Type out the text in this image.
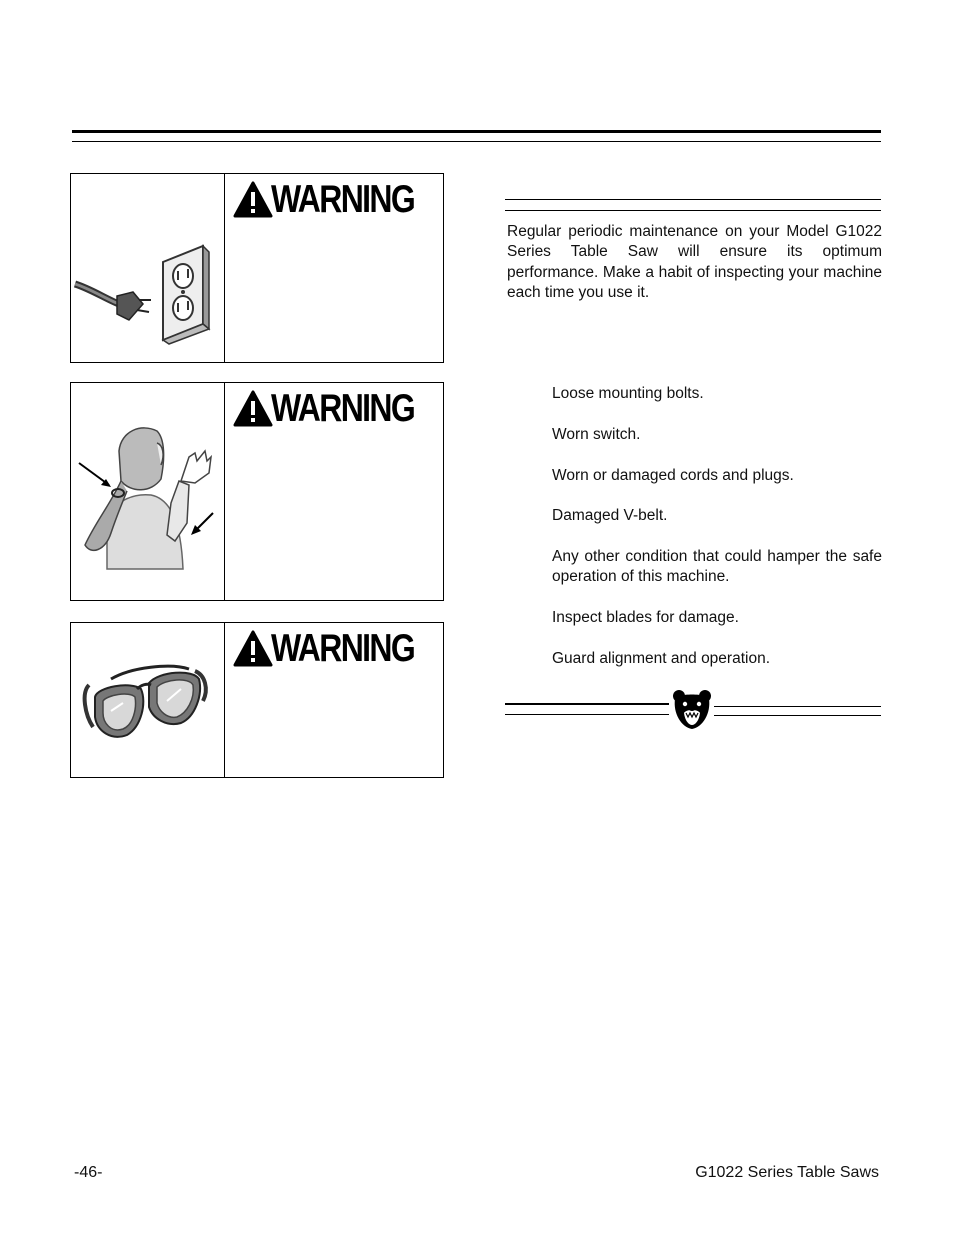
WARNING
WARNING
WARNING

Regular periodic maintenance on your Model G1022 Series Table Saw will ensure its optimum performance. Make a habit of inspecting your machine each time you use it.

Loose mounting bolts.
Worn switch.
Worn or damaged cords and plugs.
Damaged V-belt.
Any other condition that could hamper the safe operation of this machine.
Inspect blades for damage.
Guard alignment and operation.
-46-	G1022 Series Table Saws
